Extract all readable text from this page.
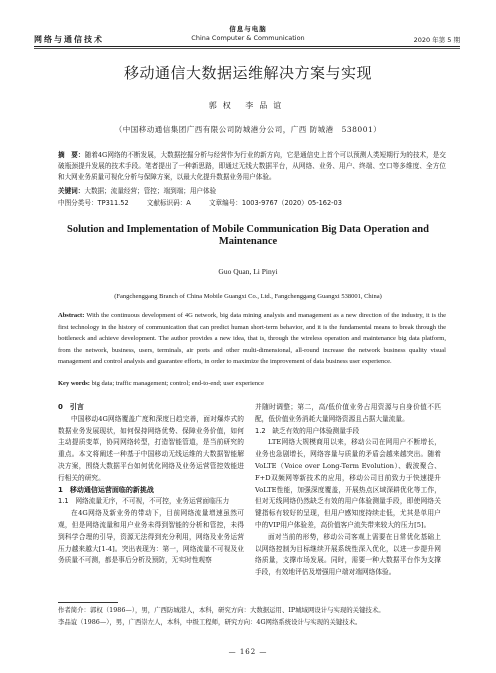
网络与通信技术
信息与电脑
China Computer & Communication	2020 年第 5 期
移动通信大数据运维解决方案与实现
郭权 李品谊
（中国移动通信集团广西有限公司防城港分公司，广西 防城港　538001）
摘　要：随着4G网络的不断发展，大数据挖掘分析与经营作为行业的新方向，它是通信史上首个可以预测人类短期行为的技术，是交破瓶颈提升发展的技术手段。笔者提出了一种新思路，即通过无线大数据平台，从网络、业务、用户、终端、空口等多维度、全方位和大网业务质量可视化分析与保障方案，以最大化提升数据业务用户体验。
关键词：大数据；流量经营；管控；端到端；用户体验
中图分类号：TP311.52	文献标识码：A	文章编号：1003-9767（2020）05-162-03
Solution and Implementation of Mobile Communication Big Data Operation and Maintenance
Guo Quan, Li Pinyi
(Fangchenggang Branch of China Mobile Guangxi Co., Ltd., Fangchenggang Guangxi 538001, China)
Abstract: With the continuous development of 4G network, big data mining analysis and management as a new direction of the industry, it is the first technology in the history of communication that can predict human short-term behavior, and it is the fundamental means to break through the bottleneck and achieve development. The author provides a new idea, that is, through the wireless operation and maintenance big data platform, from the network, business, users, terminals, air ports and other multi-dimensional, all-round increase the network business quality visual management and control analysis and guarantee efforts, in order to maximize the improvement of data business user experience.
Key words: big data; traffic management; control; end-to-end; user experience

0　引言

中国移动4G网络覆盖广度和深度日趋完善，面对爆炸式的数据业务发展现状，如何保持网络优势、保障业务价值，如何主动提质变革，协同网络转型，打造智能管道，是当前研究的重点。本文将阐述一种基于中国移动无线运维的大数据智能解决方案，围绕大数据平台如何优化网络及业务运营管控效能进行相关的研究。

1　移动通信运营面临的新挑战

1.1　网络流量无序，不可视，不可控，业务运营面临压力

在4G网络及新业务的带动下，目前网络流量增速虽然可观，但是网络流量和用户业务未得到智能的分析和管控，未得到科学合理的引导，资源无法得到充分利用，网络及业务运营压力越来越大[1-4]。突出表现为：第一，网络流量不可视及业务质量不可测，都是事后分析及预防，无实时性观察

并随时调整；第二，高/低价值业务占用资源与自身价值不匹配，低价值业务消耗大量网络资源且占据大量流量。

1.2　缺乏有效的用户体验测量手段

LTE网络大规模商用以来，移动公司在网用户不断增长，业务也急剧增长，网络容量与质量的矛盾会越来越突出。随着VoLTE（Voice over Long-Term Evolution）、载波聚合、F+D双频网等新技术的应用，移动公司目前致力于快速提升VoLTE性能，加强深度覆盖，开展热点区域深耕优化等工作，但对无线网络仍然缺乏有效的用户体验测量手段，即使网络关键指标有较好的呈现，但用户感知度持续走低，尤其是单用户中的VIP用户体验差，高价值客户流失带来较大的压力[5]。

面对当前的形势，移动公司客观上需要在日常优化基础上以网络控制为目标继续开展系统性深入优化，以进一步提升网络质量，支撑市场发展。同时，需要一种大数据平台作为支撑手段，有效地评估及增强用户端对端网络体验。

作者简介：郭权（1986—），男，广西防城港人，本科，研究方向：大数据运用、IP城域网设计与实现的关键技术。
李品谊（1986—），男，广西崇左人，本科，中级工程师，研究方向：4G网络系统设计与实现的关键技术。
— 162 —
